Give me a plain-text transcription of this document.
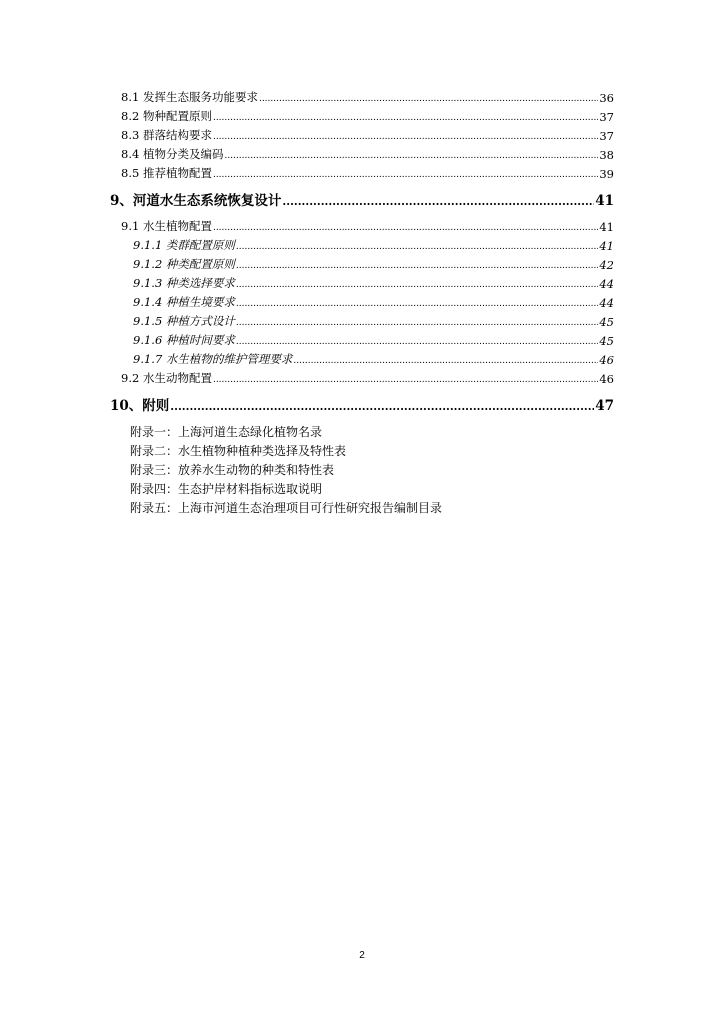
8.1 发挥生态服务功能要求 .....	36
8.2 物种配置原则 .....	37
8.3 群落结构要求 .....	37
8.4 植物分类及编码 .....	38
8.5 推荐植物配置 .....	39
9、河道水生态系统恢复设计 .....	41
9.1 水生植物配置 .....	41
9.1.1 类群配置原则 .....	41
9.1.2 种类配置原则 .....	42
9.1.3 种类选择要求 .....	44
9.1.4 种植生境要求 .....	44
9.1.5 种植方式设计 .....	45
9.1.6 种植时间要求 .....	45
9.1.7 水生植物的维护管理要求 .....	46
9.2 水生动物配置 .....	46
10、附则 .....	47
附录一：上海河道生态绿化植物名录
附录二：水生植物种植种类选择及特性表
附录三：放养水生动物的种类和特性表
附录四：生态护岸材料指标选取说明
附录五：上海市河道生态治理项目可行性研究报告编制目录
2
